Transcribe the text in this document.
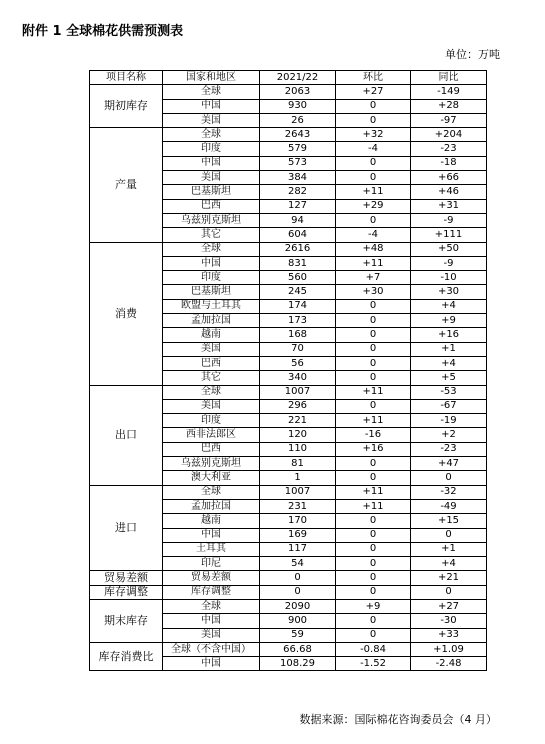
附件 1 全球棉花供需预测表
单位：万吨
项目名称	国家和地区	2021/22	环比	同比
期初库存	全球	2063	+27	-149
	中国	930	0	+28
	美国	26	0	-97
产量	全球	2643	+32	+204
	印度	579	-4	-23
	中国	573	0	-18
	美国	384	0	+66
	巴基斯坦	282	+11	+46
	巴西	127	+29	+31
	乌兹别克斯坦	94	0	-9
	其它	604	-4	+111
消费	全球	2616	+48	+50
	中国	831	+11	-9
	印度	560	+7	-10
	巴基斯坦	245	+30	+30
	欧盟与土耳其	174	0	+4
	孟加拉国	173	0	+9
	越南	168	0	+16
	美国	70	0	+1
	巴西	56	0	+4
	其它	340	0	+5
出口	全球	1007	+11	-53
	美国	296	0	-67
	印度	221	+11	-19
	西非法郎区	120	-16	+2
	巴西	110	+16	-23
	乌兹别克斯坦	81	0	+47
	澳大利亚	1	0	0
进口	全球	1007	+11	-32
	孟加拉国	231	+11	-49
	越南	170	0	+15
	中国	169	0	0
	土耳其	117	0	+1
	印尼	54	0	+4
贸易差额	贸易差额	0	0	+21
库存调整	库存调整	0	0	0
期末库存	全球	2090	+9	+27
	中国	900	0	-30
	美国	59	0	+33
库存消费比	全球（不含中国）	66.68	-0.84	+1.09
	中国	108.29	-1.52	-2.48
数据来源：国际棉花咨询委员会（4 月）
